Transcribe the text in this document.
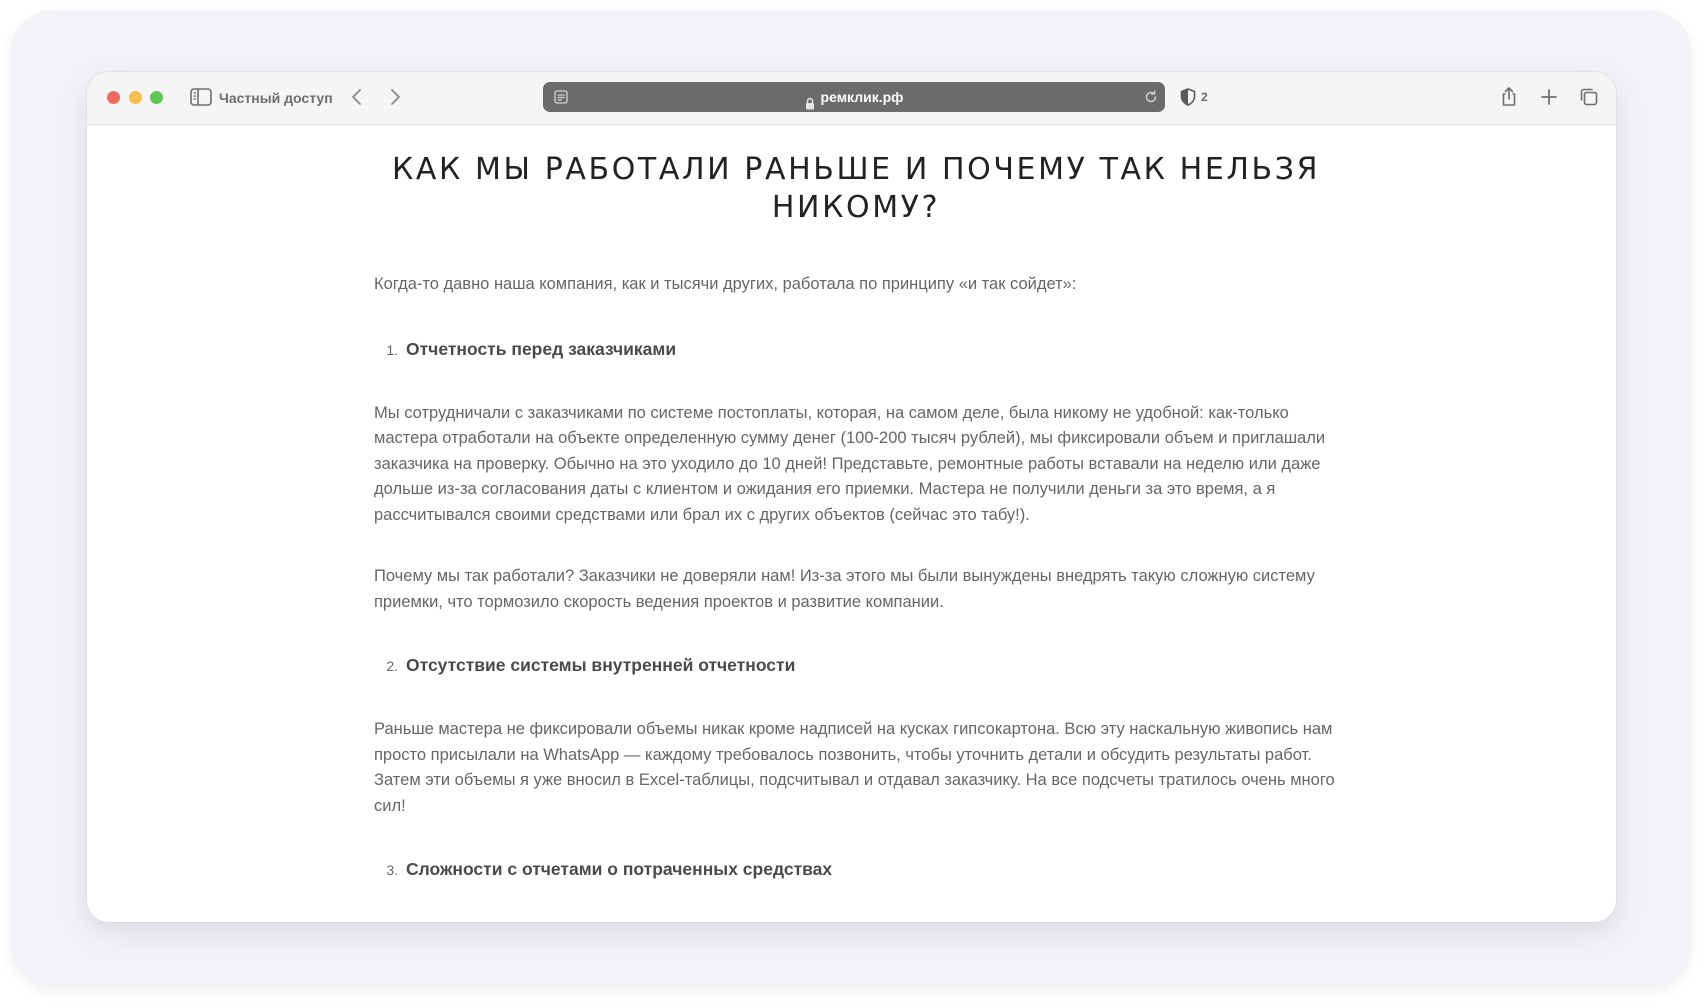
Частный доступ	ремклик.рф	2
КАК МЫ РАБОТАЛИ РАНЬШЕ И ПОЧЕМУ ТАК НЕЛЬЗЯ НИКОМУ?

Когда-то давно наша компания, как и тысячи других, работала по принципу «и так сойдет»:

1. Отчетность перед заказчиками

Мы сотрудничали с заказчиками по системе постоплаты, которая, на самом деле, была никому не удобной: как-только мастера отработали на объекте определенную сумму денег (100-200 тысяч рублей), мы фиксировали объем и приглашали заказчика на проверку. Обычно на это уходило до 10 дней! Представьте, ремонтные работы вставали на неделю или даже дольше из-за согласования даты с клиентом и ожидания его приемки. Мастера не получили деньги за это время, а я рассчитывался своими средствами или брал их с других объектов (сейчас это табу!).

Почему мы так работали? Заказчики не доверяли нам! Из-за этого мы были вынуждены внедрять такую сложную систему приемки, что тормозило скорость ведения проектов и развитие компании.

2. Отсутствие системы внутренней отчетности

Раньше мастера не фиксировали объемы никак кроме надписей на кусках гипсокартона. Всю эту наскальную живопись нам просто присылали на WhatsApp — каждому требовалось позвонить, чтобы уточнить детали и обсудить результаты работ. Затем эти объемы я уже вносил в Excel-таблицы, подсчитывал и отдавал заказчику. На все подсчеты тратилось очень много сил!

3. Сложности с отчетами о потраченных средствах
